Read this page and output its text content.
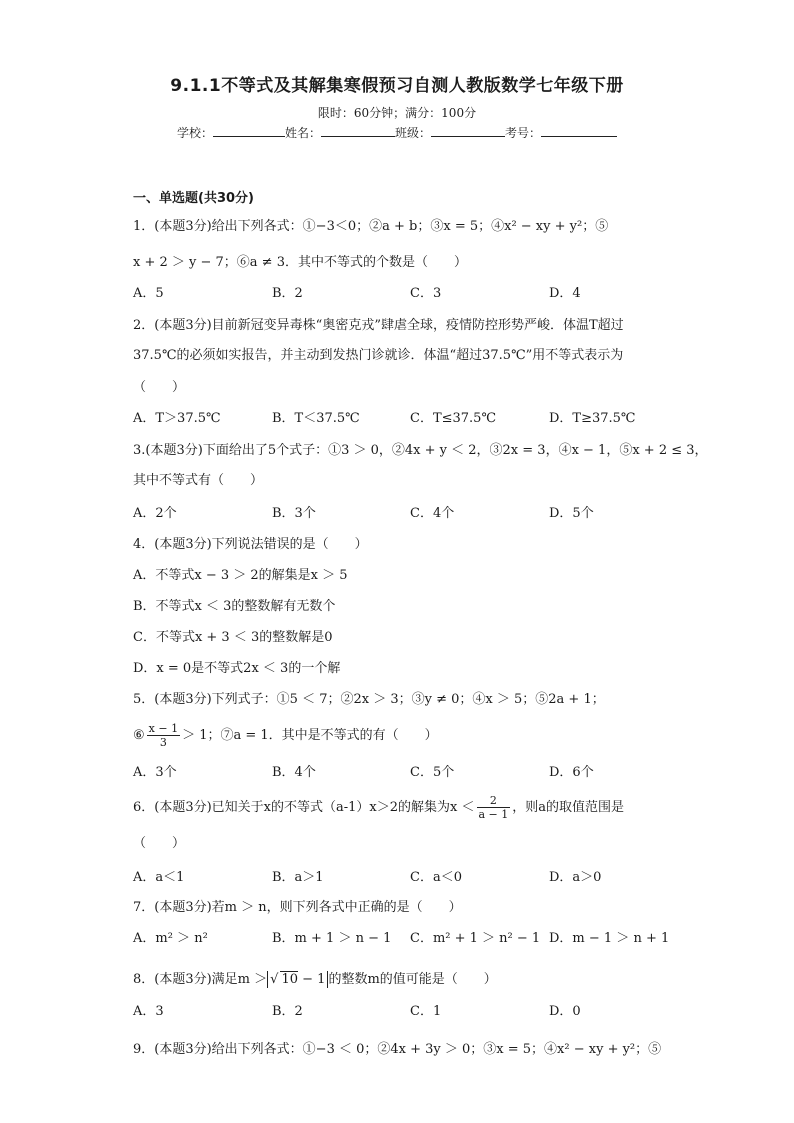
9.1.1不等式及其解集寒假预习自测人教版数学七年级下册
限时：60分钟；满分：100分
学校：	姓名：	班级：	考号：
一、单选题(共30分)
1．(本题3分)给出下列各式：①−3＜0；②a + b；③x = 5；④x² − xy + y²；⑤
x + 2 ＞ y − 7；⑥a ≠ 3．其中不等式的个数是（　　）
A．5	B．2	C．3	D．4
2．(本题3分)目前新冠变异毒株“奥密克戎”肆虐全球，疫情防控形势严峻．体温T超过
37.5℃的必须如实报告，并主动到发热门诊就诊．体温“超过37.5℃”用不等式表示为
（　　）
A．T＞37.5℃	B．T＜37.5℃	C．T≤37.5℃	D．T≥37.5℃
3.(本题3分)下面给出了5个式子：①3 ＞ 0，②4x + y ＜ 2，③2x = 3，④x − 1，⑤x + 2 ≤ 3，
其中不等式有（　　）
A．2个	B．3个	C．4个	D．5个
4．(本题3分)下列说法错误的是（　　）
A．不等式x − 3 ＞ 2的解集是x ＞ 5
B．不等式x ＜ 3的整数解有无数个
C．不等式x + 3 ＜ 3的整数解是0
D．x = 0是不等式2x ＜ 3的一个解
5．(本题3分)下列式子：①5 ＜ 7；②2x ＞ 3；③y ≠ 0；④x ＞ 5；⑤2a + 1；
⑥ $\frac{x - 1}{3} > 1$；⑦a = 1．其中是不等式的有（　　）
A．3个	B．4个	C．5个	D．6个
6．(本题3分)已知关于x的不等式（a-1）x＞2的解集为$x < \frac{2}{a - 1}$ ，则a的取值范围是
（　　）
A．a＜1	B．a＞1	C．a＜0	D．a＞0
7．(本题3分)若m ＞ n，则下列各式中正确的是（　　）
A．m² ＞ n²	B．m + 1 ＞ n − 1 C．m² + 1 ＞ n² − 1 D．m − 1 ＞ n + 1
8．(本题3分)满足m ＞ √ 10 − 1 的整数m的值可能是（　　）
A．3	B．2	C．1	D．0
9．(本题3分)给出下列各式：①−3 ＜ 0；②4x + 3y ＞ 0；③x = 5；④x² − xy + y²；⑤
